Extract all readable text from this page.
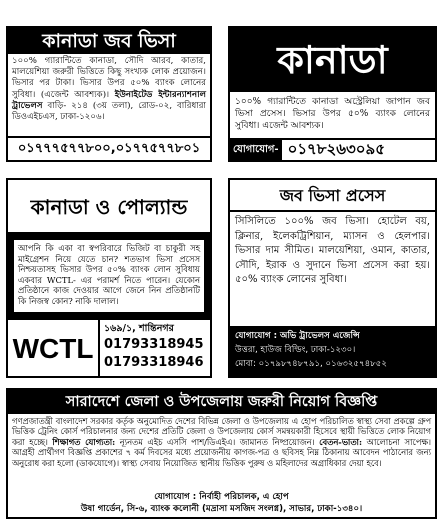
কানাডা জব ভিসা
১০০% গ্যারান্টিতে কানাডা, সৌদি আরব, কাতার, মালয়েশিয়া জরুরী ভিত্তিতে কিছু সংখ্যক লোক প্রয়োজন। ভিসার পর টাকা। ভিসার উপর ৫০% ব্যাংক লোনের সুবিধা। (এজেন্ট আবশ্যক)। ইউনাইটেড ইন্টারন্যাশনাল ট্রাভেলস বাড়ি- ২১৪ (৩য় তলা), রোড-০২, বারিধারা ডিওএইচএস, ঢাকা-১২০৬।
০১৭৭৭৫৭৭৮০০,০১৭৭৫৭৭৮০১
কানাডা
১০০% গ্যারান্টিতে কানাডা অস্ট্রেলিয়া জাপান জব ভিসা প্রসেস। ভিসার উপর ৫০% ব্যাংক লোনের সুবিধা। এজেন্ট আবশ্যক।
যোগাযোগ- ০১৭৮২৬৩০৯৫
কানাডা ও পোল্যান্ড
আপনি কি একা বা স্বপরিবারে ভিজিট বা চাকুরী সহ মাইগ্রেশন নিয়ে যেতে চান? শতভাগ ভিসা প্রসেস নিশ্চয়তাসহ ভিসার উপর ৫০% ব্যাংক লোন সুবিধায় একবার WCTL- এর পরামর্শ নিতে পারেন। যেকোন প্রতিষ্ঠানে কাজ দেওয়ার আগে জেনে নিন প্রতিষ্ঠানটি কি নিজস্ব কোন? নাকি দালাল।
WCTL
১৬৯/১, শান্তিনগর
01793318945
01793318946
জব ভিসা প্রসেস
সিসিলিতে ১০০% জব ভিসা। হোটেল বয়, ক্লিনার, ইলেকট্রিশিয়ান, ম্যাসন ও হেলপার। ভিসার দাম সীমিত। মালয়েশিয়া, ওমান, কাতার, সৌদি, ইরাক ও সুদানে ভিসা প্রসেস করা হয়। ৫০% ব্যাংক লোনের সুবিধা।
যোগাযোগ : অভি ট্রাভেলস এজেন্সি
উত্তরা, হাউজ বিল্ডিং, ঢাকা-১২৩০।
মোবা: ০১৭৯৮৭৪৮৭৯১, ০১৬৩২৫৭৪৮৫২
সারাদেশে জেলা ও উপজেলায় জরুরী নিয়োগ বিজ্ঞপ্তি
গণপ্রজাতন্ত্রী বাংলাদেশ সরকার কর্তৃক অনুমোদিত দেশের বিভিন্ন জেলা ও উপজেলায় এ হোপ পরিচালিত স্বাস্থ্য সেবা প্রকল্পে গ্রুপ ভিত্তিক ট্রেনিং কোর্স পরিচালনার জন্য দেশের প্রতিটি জেলা ও উপজেলায় কোর্স সমন্বয়কারী হিসেবে স্থায়ী ভিত্তিতে লোক নিয়োগ করা হচ্ছে। শিক্ষাগত যোগ্যতা: ন্যূনতম এইচ এসসি পাশ/ডিএইএ। জামানত নিষ্প্রয়োজন। বেতন-ভাতা: আলোচনা সাপেক্ষ। আগ্রহী প্রার্থীগণ বিজ্ঞপ্তি প্রকাশের ৭ কর্ম দিবসের মধ্যে প্রয়োজনীয় কাগজ-পত্র ও ছবিসহ নিম্ন ঠিকানায় আবেদন পাঠানোর জন্য অনুরোধ করা হলো (ডাকযোগে)। স্বাস্থ্য সেবায় নিয়োজিত স্থানীয় ভিত্তিক পুরুষ ও মহিলাদের অগ্রাধিকার দেয়া হবে।
যোগাযোগ : নির্বাহী পরিচালক, এ হোপ
উষা গার্ডেন, সি-৬, ব্যাংক কলোনী (মদ্রাসা মসজিদ সংলগ্ন), সাভার, ঢাকা-১৩৪০।
